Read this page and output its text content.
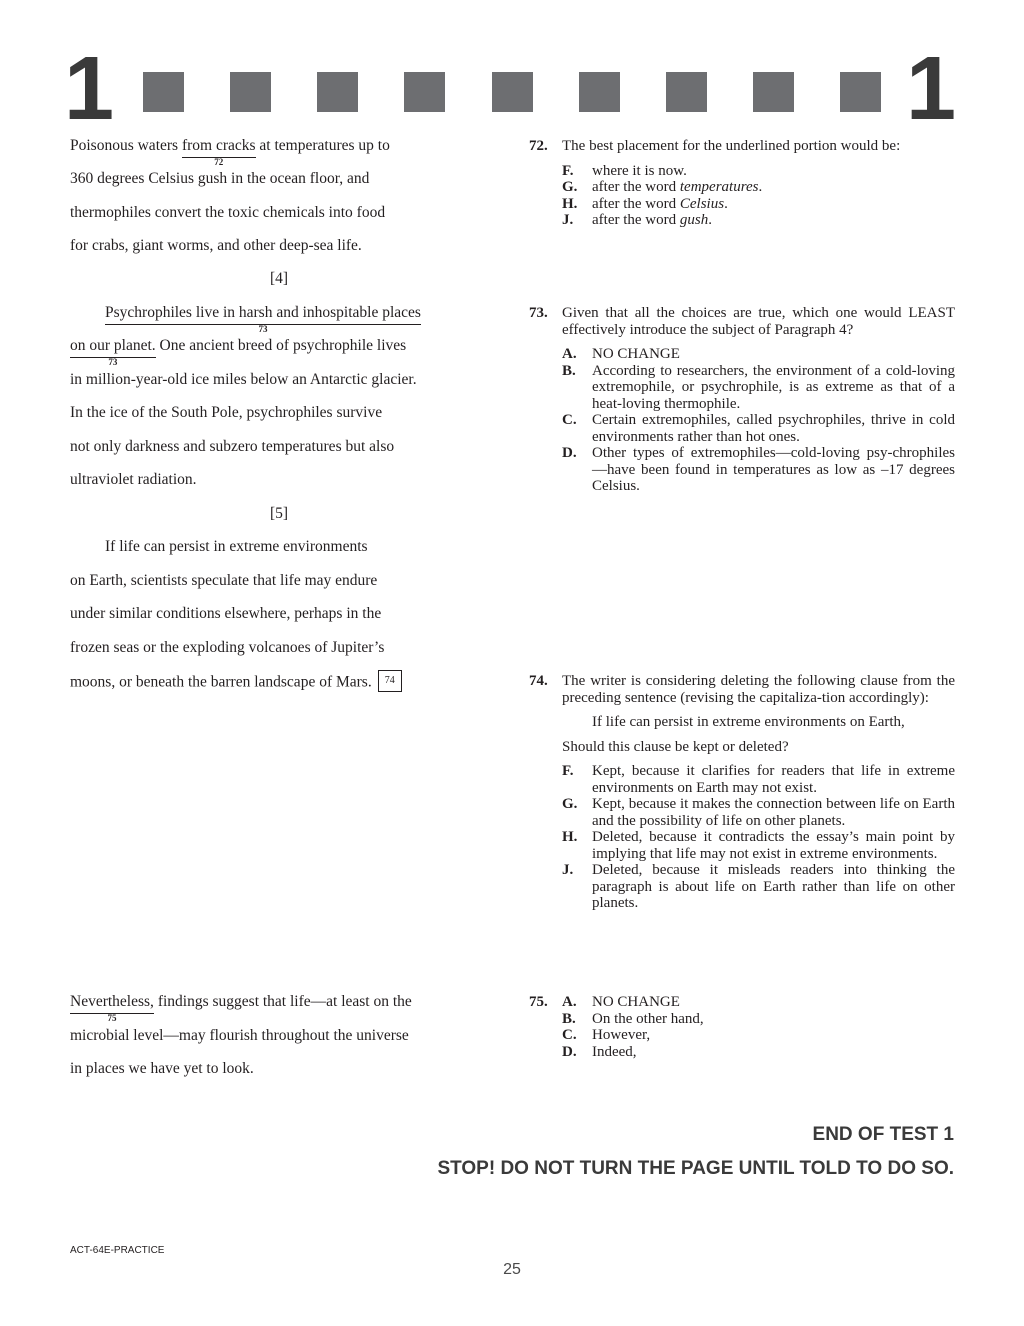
1	1
Poisonous waters from cracks
72
at temperatures up to
360 degrees Celsius gush in the ocean floor, and
thermophiles convert the toxic chemicals into food
for crabs, giant worms, and other deep-sea life.
[4]
Psychrophiles live in harsh and inhospitable places
73
on our planet.
73
One ancient breed of psychrophile lives
in million-year-old ice miles below an Antarctic glacier.
In the ice of the South Pole, psychrophiles survive
not only darkness and subzero temperatures but also
ultraviolet radiation.
[5]
If life can persist in extreme environments
on Earth, scientists speculate that life may endure
under similar conditions elsewhere, perhaps in the
frozen seas or the exploding volcanoes of Jupiter’s
moons, or beneath the barren landscape of Mars. 74
Nevertheless,
75
findings suggest that life—at least on the
microbial level—may flourish throughout the universe
in places we have yet to look.
72. The best placement for the underlined portion would be:
F.	where it is now.
G. after the word temperatures.
H. after the word Celsius.
J.	after the word gush.
73. Given that all the choices are true, which one would LEAST effectively introduce the subject of Paragraph 4?
A.	NO CHANGE
B.	According to researchers, the environment of a cold-loving extremophile, or psychrophile, is as extreme as that of a heat-loving thermophile.
C.	Certain extremophiles, called psychrophiles, thrive in cold environments rather than hot ones.
D.	Other types of extremophiles—cold-loving psy-chrophiles—have been found in temperatures as low as –17 degrees Celsius.
74. The writer is considering deleting the following clause from the preceding sentence (revising the capitaliza-tion accordingly):
If life can persist in extreme environments on Earth,
Should this clause be kept or deleted?
F.	Kept, because it clarifies for readers that life in extreme environments on Earth may not exist.
G. Kept, because it makes the connection between life on Earth and the possibility of life on other planets.
H. Deleted, because it contradicts the essay’s main point by implying that life may not exist in extreme environments.
J.	Deleted, because it misleads readers into thinking the paragraph is about life on Earth rather than life on other planets.
75. A.	NO CHANGE
B.	On the other hand,
C.	However,
D.	Indeed,
END OF TEST 1
STOP! DO NOT TURN THE PAGE UNTIL TOLD TO DO SO.
ACT-64E-PRACTICE
25
